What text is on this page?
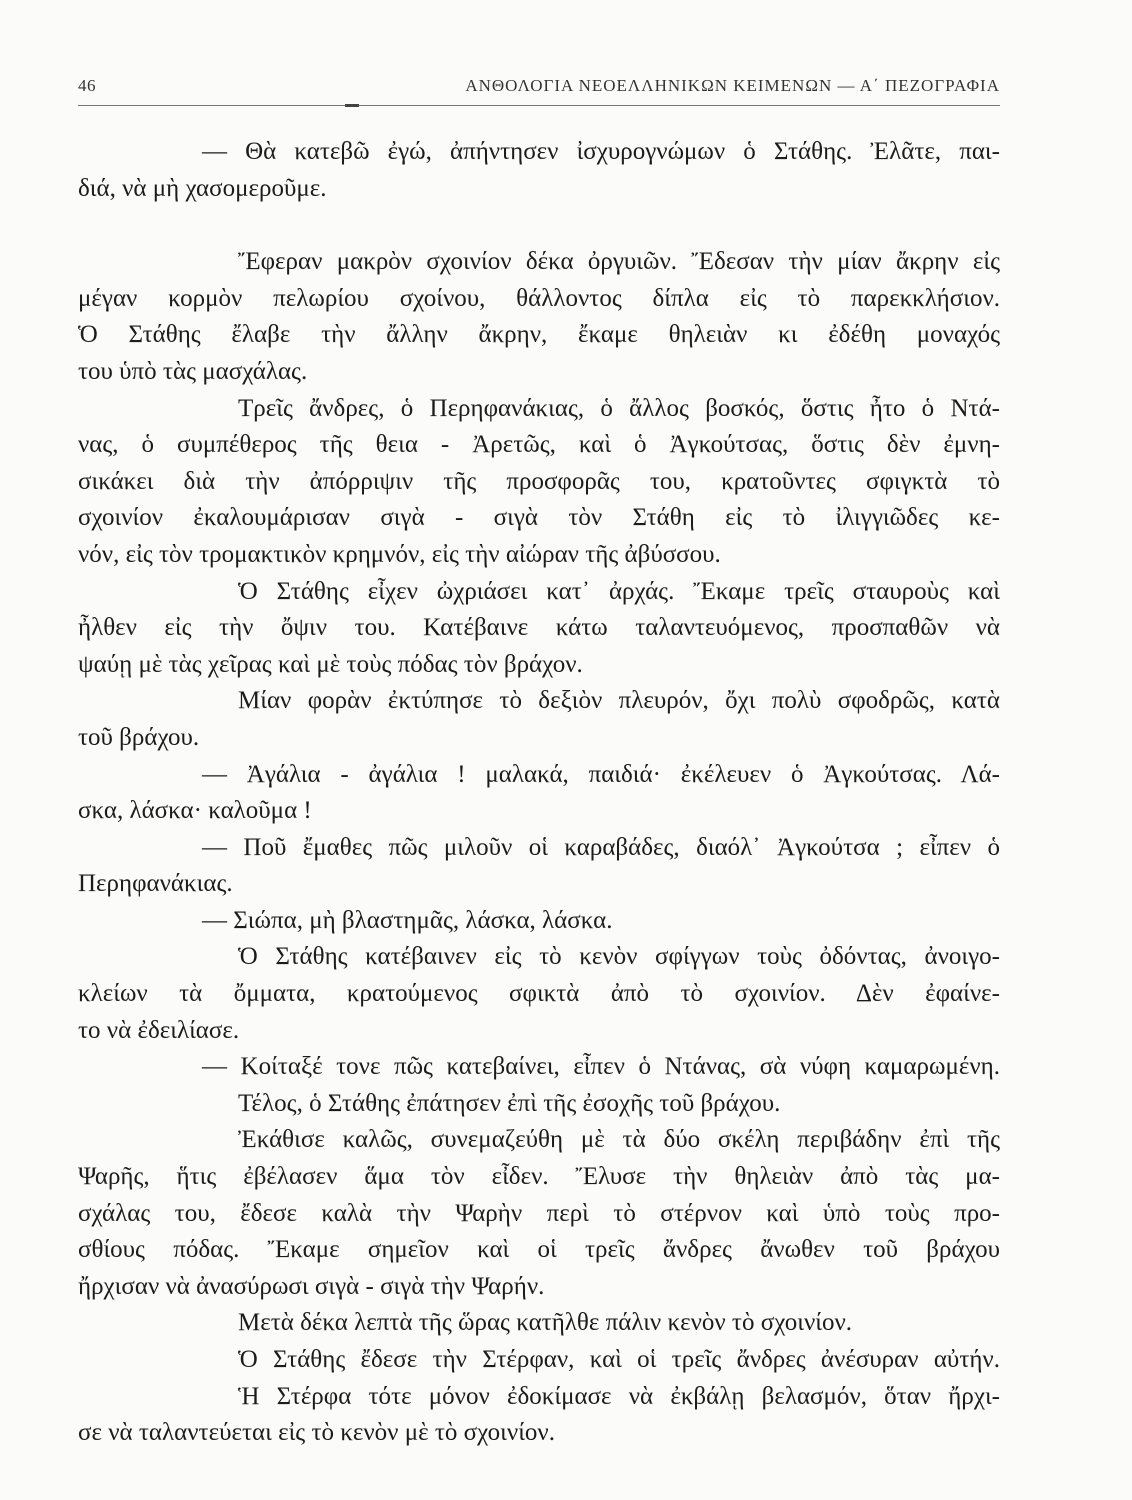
46	ΑΝΘΟΛΟΓΙΑ ΝΕΟΕΛΛΗΝΙΚΩΝ ΚΕΙΜΕΝΩΝ — Α΄ ΠΕΖΟΓΡΑΦΙΑ
— Θὰ κατεβῶ ἐγώ, ἀπήντησεν ἰσχυρογνώμων ὁ Στάθης. Ἐλᾶτε, παι-
διά, νὰ μὴ χασομεροῦμε.
Ἔφεραν μακρὸν σχοινίον δέκα ὀργυιῶν. Ἔδεσαν τὴν μίαν ἄκρην εἰς
μέγαν κορμὸν πελωρίου σχοίνου, θάλλοντος δίπλα εἰς τὸ παρεκκλήσιον.
Ὁ Στάθης ἔλαβε τὴν ἄλλην ἄκρην, ἔκαμε θηλειὰν κι ἐδέθη μοναχός
του ὑπὸ τὰς μασχάλας.
Τρεῖς ἄνδρες, ὁ Περηφανάκιας, ὁ ἄλλος βοσκός, ὅστις ἦτο ὁ Ντά-
νας, ὁ συμπέθερος τῆς θεια - Ἀρετῶς, καὶ ὁ Ἀγκούτσας, ὅστις δὲν ἐμνη-
σικάκει διὰ τὴν ἀπόρριψιν τῆς προσφορᾶς του, κρατοῦντες σφιγκτὰ τὸ
σχοινίον ἐκαλουμάρισαν σιγὰ - σιγὰ τὸν Στάθη εἰς τὸ ἰλιγγιῶδες κε-
νόν, εἰς τὸν τρομακτικὸν κρημνόν, εἰς τὴν αἰώραν τῆς ἀβύσσου.
Ὁ Στάθης εἶχεν ὠχριάσει κατ᾽ ἀρχάς. Ἔκαμε τρεῖς σταυροὺς καὶ
ἦλθεν εἰς τὴν ὄψιν του. Κατέβαινε κάτω ταλαντευόμενος, προσπαθῶν νὰ
ψαύῃ μὲ τὰς χεῖρας καὶ μὲ τοὺς πόδας τὸν βράχον.
Μίαν φορὰν ἐκτύπησε τὸ δεξιὸν πλευρόν, ὄχι πολὺ σφοδρῶς, κατὰ
τοῦ βράχου.
— Ἀγάλια - ἀγάλια ! μαλακά, παιδιά· ἐκέλευεν ὁ Ἀγκούτσας. Λά-
σκα, λάσκα· καλοῦμα !
— Ποῦ ἔμαθες πῶς μιλοῦν οἱ καραβάδες, διαόλ᾽ Ἀγκούτσα ; εἶπεν ὁ
Περηφανάκιας.
— Σιώπα, μὴ βλαστημᾶς, λάσκα, λάσκα.
Ὁ Στάθης κατέβαινεν εἰς τὸ κενὸν σφίγγων τοὺς ὀδόντας, ἀνοιγο-
κλείων τὰ ὄμματα, κρατούμενος σφικτὰ ἀπὸ τὸ σχοινίον. Δὲν ἐφαίνε-
το νὰ ἐδειλίασε.
— Κοίταξέ τονε πῶς κατεβαίνει, εἶπεν ὁ Ντάνας, σὰ νύφη καμαρωμένη.
Τέλος, ὁ Στάθης ἐπάτησεν ἐπὶ τῆς ἐσοχῆς τοῦ βράχου.
Ἐκάθισε καλῶς, συνεμαζεύθη μὲ τὰ δύο σκέλη περιβάδην ἐπὶ τῆς
Ψαρῆς, ἥτις ἐβέλασεν ἅμα τὸν εἶδεν. Ἔλυσε τὴν θηλειὰν ἀπὸ τὰς μα-
σχάλας του, ἔδεσε καλὰ τὴν Ψαρὴν περὶ τὸ στέρνον καὶ ὑπὸ τοὺς προ-
σθίους πόδας. Ἔκαμε σημεῖον καὶ οἱ τρεῖς ἄνδρες ἄνωθεν τοῦ βράχου
ἤρχισαν νὰ ἀνασύρωσι σιγὰ - σιγὰ τὴν Ψαρήν.
Μετὰ δέκα λεπτὰ τῆς ὥρας κατῆλθε πάλιν κενὸν τὸ σχοινίον.
Ὁ Στάθης ἔδεσε τὴν Στέρφαν, καὶ οἱ τρεῖς ἄνδρες ἀνέσυραν αὐτήν.
Ἡ Στέρφα τότε μόνον ἐδοκίμασε νὰ ἐκβάλῃ βελασμόν, ὅταν ἤρχι-
σε νὰ ταλαντεύεται εἰς τὸ κενὸν μὲ τὸ σχοινίον.
